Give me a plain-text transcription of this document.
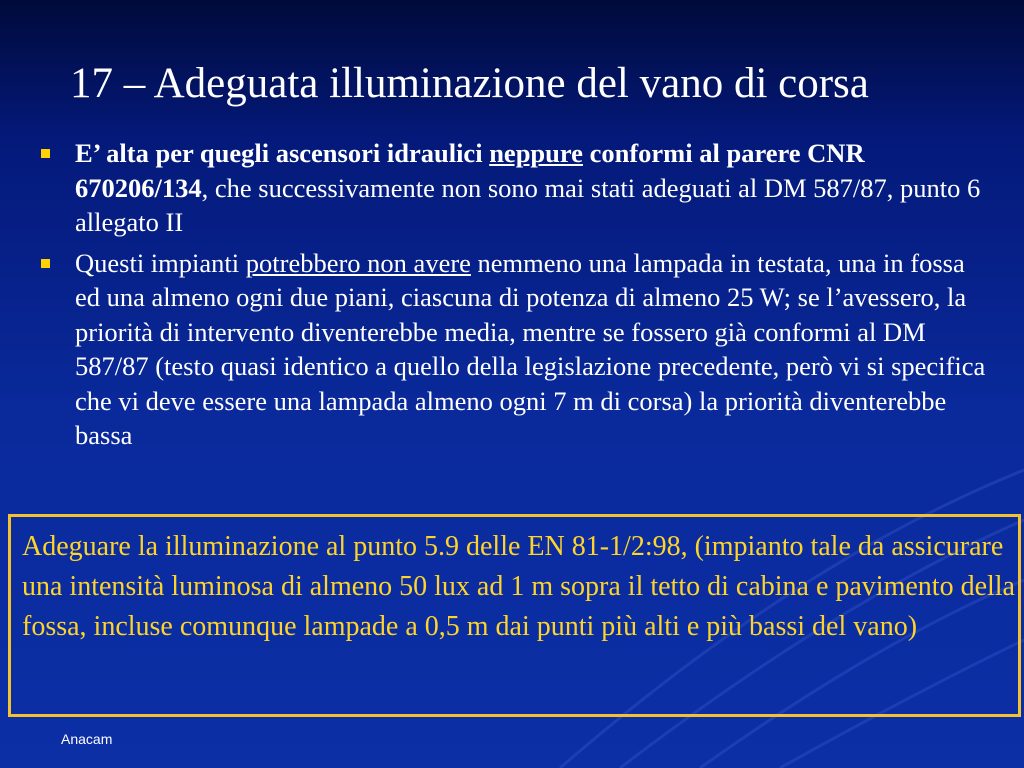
17 – Adeguata illuminazione del vano di corsa
E’ alta per quegli ascensori idraulici neppure conformi al parere CNR 670206/134, che successivamente non sono mai stati adeguati al DM 587/87, punto 6 allegato II
Questi impianti potrebbero non avere nemmeno una lampada in testata, una in fossa ed una almeno ogni due piani, ciascuna di potenza di almeno 25 W; se l’avessero, la priorità di intervento diventerebbe media, mentre se fossero già conformi al DM 587/87 (testo quasi identico a quello della legislazione precedente, però vi si specifica che vi deve essere una lampada almeno ogni 7 m di corsa) la priorità diventerebbe bassa
Adeguare la illuminazione al punto 5.9 delle EN 81-1/2:98, (impianto tale da assicurare una intensità luminosa di almeno 50 lux ad 1 m sopra il tetto di cabina e pavimento della fossa, incluse comunque lampade a 0,5 m dai punti più alti e più bassi del vano)
Anacam
